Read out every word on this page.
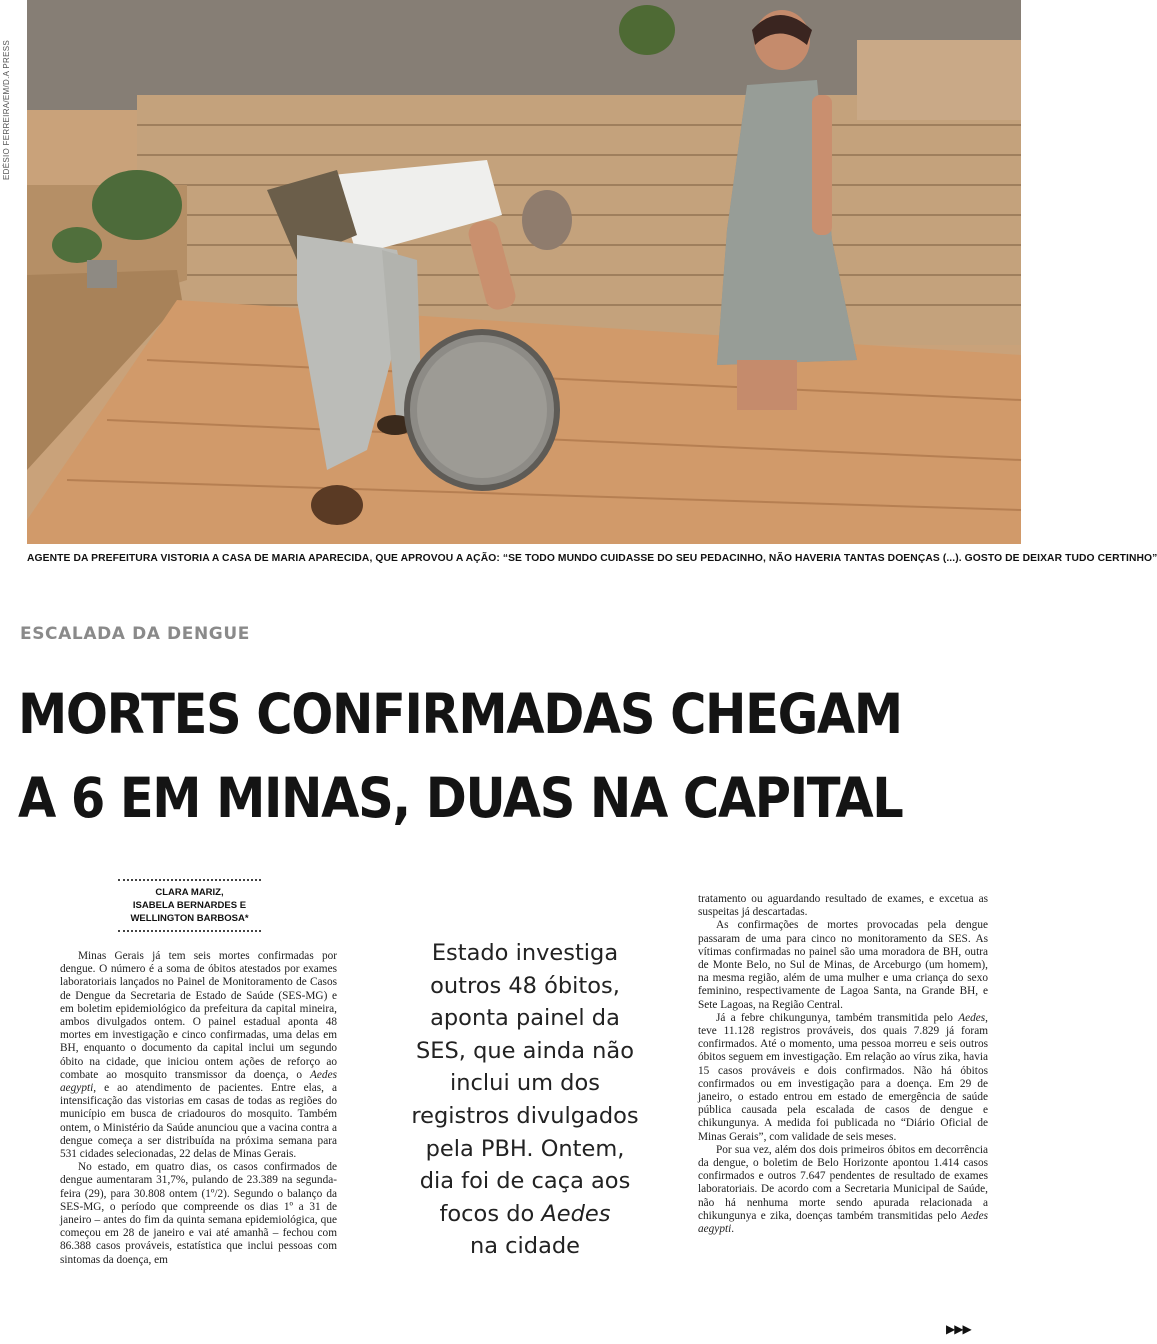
EDÉSIO FERREIRA/EM/D.A PRESS
AGENTE DA PREFEITURA VISTORIA A CASA DE MARIA APARECIDA, QUE APROVOU A AÇÃO: “SE TODO MUNDO CUIDASSE DO SEU PEDACINHO, NÃO HAVERIA TANTAS DOENÇAS (...). GOSTO DE DEIXAR TUDO CERTINHO”
ESCALADA DA DENGUE
MORTES CONFIRMADAS CHEGAM
A 6 EM MINAS, DUAS NA CAPITAL
CLARA MARIZ,
ISABELA BERNARDES E
WELLINGTON BARBOSA*

Minas Gerais já tem seis mortes confirmadas por dengue. O número é a soma de óbitos atestados por exames laboratoriais lançados no Painel de Monitoramento de Casos de Dengue da Secretaria de Estado de Saúde (SES-MG) e em boletim epidemiológico da prefeitura da capital mineira, ambos divulgados ontem. O painel estadual aponta 48 mortes em investigação e cinco confirmadas, uma delas em BH, enquanto o documento da capital inclui um segundo óbito na cidade, que iniciou ontem ações de reforço ao combate ao mosquito transmissor da doença, o Aedes aegypti, e ao atendimento de pacientes. Entre elas, a intensificação das vistorias em casas de todas as regiões do município em busca de criadouros do mosquito. Também ontem, o Ministério da Saúde anunciou que a vacina contra a dengue começa a ser distribuída na próxima semana para 531 cidades selecionadas, 22 delas de Minas Gerais.

No estado, em quatro dias, os casos confirmados de dengue aumentaram 31,7%, pulando de 23.389 na segunda-feira (29), para 30.808 ontem (1º/2). Segundo o balanço da SES-MG, o período que compreende os dias 1º a 31 de janeiro – antes do fim da quinta semana epidemiológica, que começou em 28 de janeiro e vai até amanhã – fechou com 86.388 casos prováveis, estatística que inclui pessoas com sintomas da doença, em

Estado investiga
outros 48 óbitos,
aponta painel da
SES, que ainda não
inclui um dos
registros divulgados
pela PBH. Ontem,
dia foi de caça aos
focos do Aedes
na cidade

tratamento ou aguardando resultado de exames, e excetua as suspeitas já descartadas.

As confirmações de mortes provocadas pela dengue passaram de uma para cinco no monitoramento da SES. As vítimas confirmadas no painel são uma moradora de BH, outra de Monte Belo, no Sul de Minas, de Arceburgo (um homem), na mesma região, além de uma mulher e uma criança do sexo feminino, respectivamente de Lagoa Santa, na Grande BH, e Sete Lagoas, na Região Central.

Já a febre chikungunya, também transmitida pelo Aedes, teve 11.128 registros prováveis, dos quais 7.829 já foram confirmados. Até o momento, uma pessoa morreu e seis outros óbitos seguem em investigação. Em relação ao vírus zika, havia 15 casos prováveis e dois confirmados. Não há óbitos confirmados ou em investigação para a doença. Em 29 de janeiro, o estado entrou em estado de emergência de saúde pública causada pela escalada de casos de dengue e chikungunya. A medida foi publicada no “Diário Oficial de Minas Gerais”, com validade de seis meses.

Por sua vez, além dos dois primeiros óbitos em decorrência da dengue, o boletim de Belo Horizonte apontou 1.414 casos confirmados e outros 7.647 pendentes de resultado de exames laboratoriais. De acordo com a Secretaria Municipal de Saúde, não há nenhuma morte sendo apurada relacionada a chikungunya e zika, doenças também transmitidas pelo Aedes aegypti.

▶▶▶
